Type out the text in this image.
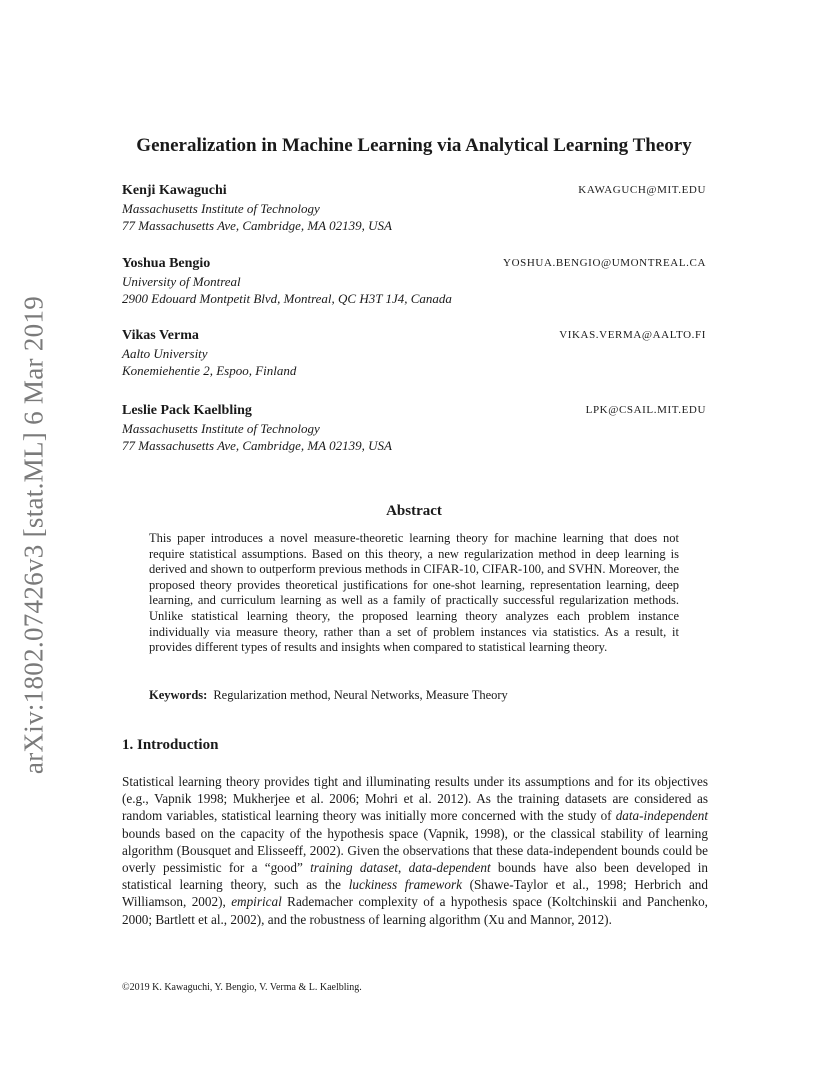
arXiv:1802.07426v3 [stat.ML] 6 Mar 2019
Generalization in Machine Learning via Analytical Learning Theory
Kenji Kawaguchi	KAWAGUCH@MIT.EDU
Massachusetts Institute of Technology
77 Massachusetts Ave, Cambridge, MA 02139, USA
Yoshua Bengio	YOSHUA.BENGIO@UMONTREAL.CA
University of Montreal
2900 Edouard Montpetit Blvd, Montreal, QC H3T 1J4, Canada
Vikas Verma	VIKAS.VERMA@AALTO.FI
Aalto University
Konemiehentie 2, Espoo, Finland
Leslie Pack Kaelbling	LPK@CSAIL.MIT.EDU
Massachusetts Institute of Technology
77 Massachusetts Ave, Cambridge, MA 02139, USA
Abstract
This paper introduces a novel measure-theoretic learning theory for machine learning that does not require statistical assumptions. Based on this theory, a new regularization method in deep learning is derived and shown to outperform previous methods in CIFAR-10, CIFAR-100, and SVHN. Moreover, the proposed theory provides theoretical justifications for one-shot learning, representation learning, deep learning, and curriculum learning as well as a family of practically successful regularization methods. Unlike statistical learning theory, the proposed learning theory analyzes each problem instance individually via measure theory, rather than a set of problem instances via statistics. As a result, it provides different types of results and insights when compared to statistical learning theory.
Keywords: Regularization method, Neural Networks, Measure Theory
1. Introduction
Statistical learning theory provides tight and illuminating results under its assumptions and for its objectives (e.g., Vapnik 1998; Mukherjee et al. 2006; Mohri et al. 2012). As the training datasets are considered as random variables, statistical learning theory was initially more concerned with the study of data-independent bounds based on the capacity of the hypothesis space (Vapnik, 1998), or the classical stability of learning algorithm (Bousquet and Elisseeff, 2002). Given the observations that these data-independent bounds could be overly pessimistic for a “good” training dataset, data-dependent bounds have also been developed in statistical learning theory, such as the luckiness framework (Shawe-Taylor et al., 1998; Herbrich and Williamson, 2002), empirical Rademacher complexity of a hypothesis space (Koltchinskii and Panchenko, 2000; Bartlett et al., 2002), and the robustness of learning algorithm (Xu and Mannor, 2012).
©2019 K. Kawaguchi, Y. Bengio, V. Verma & L. Kaelbling.
